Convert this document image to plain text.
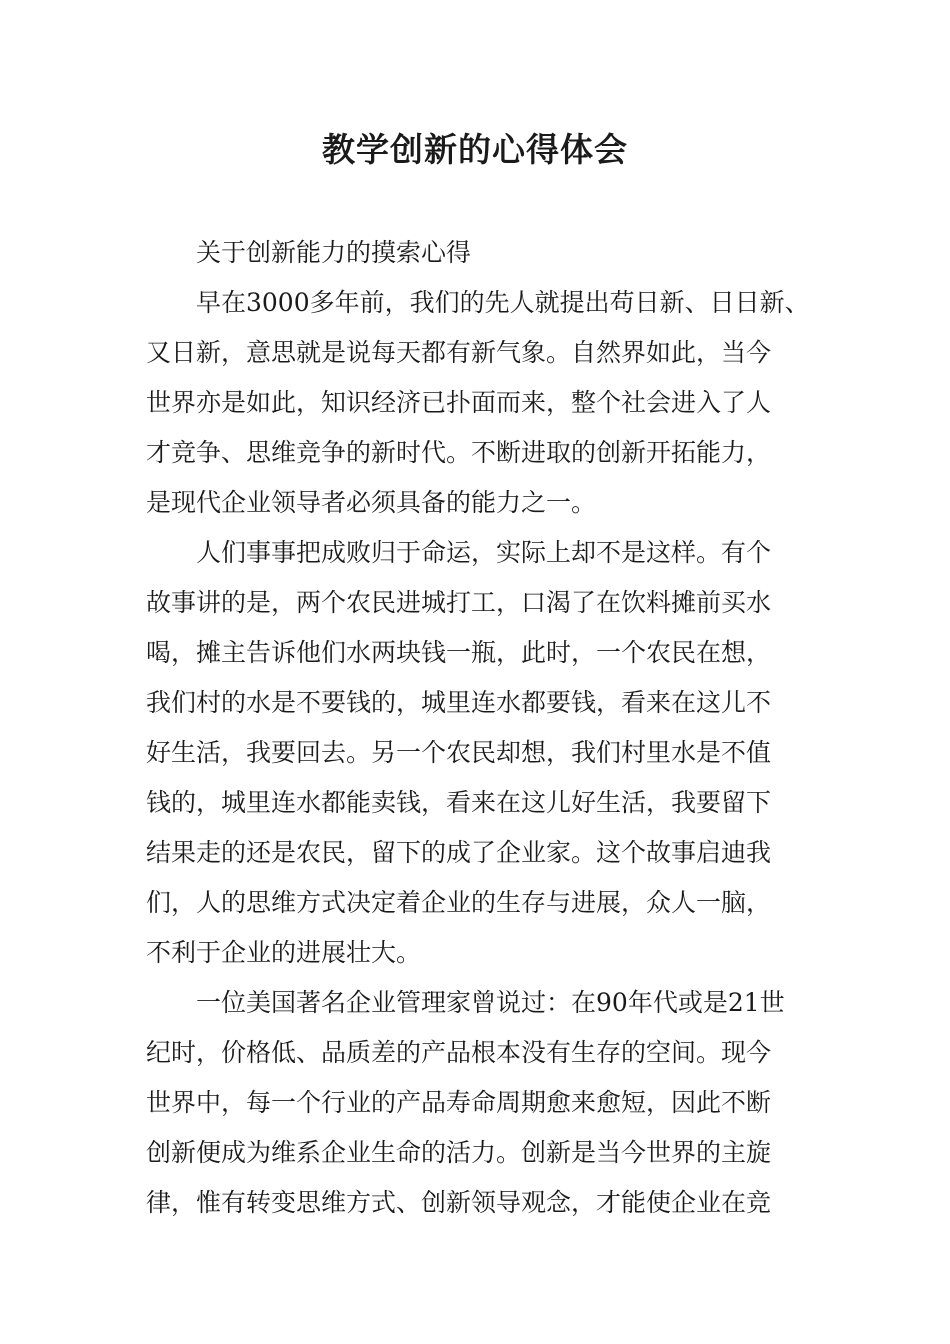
教学创新的心得体会
关于创新能力的摸索心得
早在3000多年前，我们的先人就提出苟日新、日日新、
又日新，意思就是说每天都有新气象。自然界如此，当今
世界亦是如此，知识经济已扑面而来，整个社会进入了人
才竞争、思维竞争的新时代。不断进取的创新开拓能力，
是现代企业领导者必须具备的能力之一。
人们事事把成败归于命运，实际上却不是这样。有个
故事讲的是，两个农民进城打工，口渴了在饮料摊前买水
喝，摊主告诉他们水两块钱一瓶，此时，一个农民在想，
我们村的水是不要钱的，城里连水都要钱，看来在这儿不
好生活，我要回去。另一个农民却想，我们村里水是不值
钱的，城里连水都能卖钱，看来在这儿好生活，我要留下
结果走的还是农民，留下的成了企业家。这个故事启迪我
们，人的思维方式决定着企业的生存与进展，众人一脑，
不利于企业的进展壮大。
一位美国著名企业管理家曾说过：在90年代或是21世
纪时，价格低、品质差的产品根本没有生存的空间。现今
世界中，每一个行业的产品寿命周期愈来愈短，因此不断
创新便成为维系企业生命的活力。创新是当今世界的主旋
律，惟有转变思维方式、创新领导观念，才能使企业在竞
